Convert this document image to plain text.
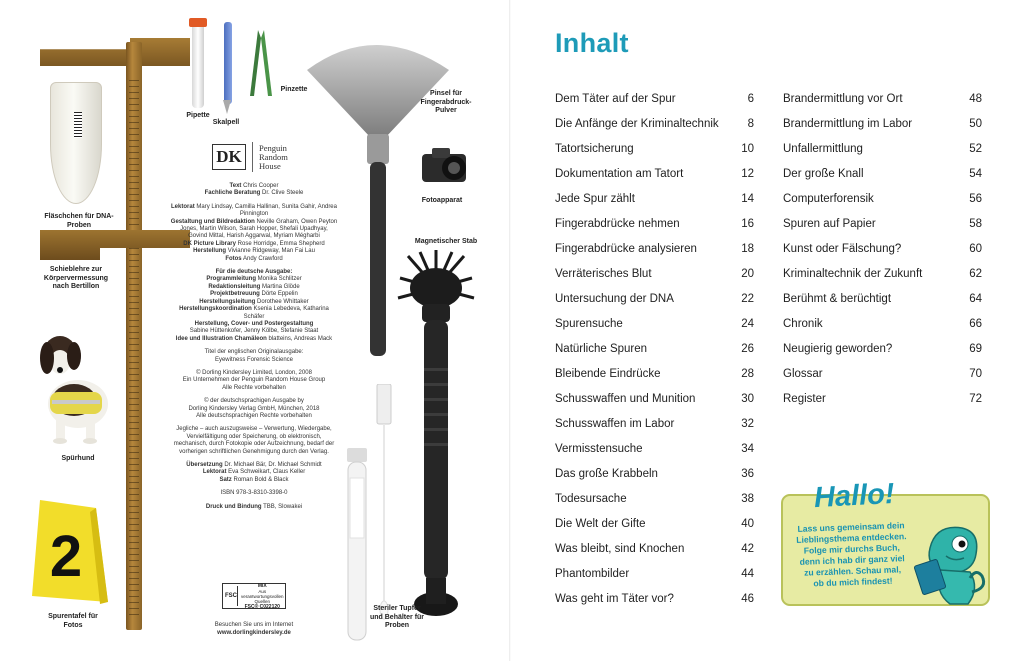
Fläschchen für DNA-Proben
Schieblehre zur Körpervermessung nach Bertillon
Spürhund
2
Spurentafel für Fotos
Pipette
Skalpell
Pinzette
DK	Penguin
Random
House

Text Chris Cooper

Fachliche Beratung Dr. Clive Steele

Lektorat Mary Lindsay, Camilla Hallinan, Sunita Gahir, Andrea Pinnington

Gestaltung und Bildredaktion Neville Graham, Owen Peyton Jones, Martin Wilson, Sarah Hopper, Shefali Upadhyay, Govind Mittal, Harish Aggarwal, Myriam Mégharbi

DK Picture Library Rose Horridge, Emma Shepherd

Herstellung Vivianne Ridgeway, Man Fai Lau

Fotos Andy Crawford

Für die deutsche Ausgabe:

Programmleitung Monika Schlitzer

Redaktionsleitung Martina Glöde

Projektbetreuung Dörte Eppelin

Herstellungsleitung Dorothee Whittaker

Herstellungskoordination Ksenia Lebedeva, Katharina Schäfer

Herstellung, Cover- und Postergestaltung

Sabine Hüttenkofer, Jenny Kölbe, Stefanie Staat

Idee und Illustration Chamäleon blatteins, Andreas Mack

Titel der englischen Originalausgabe:

Eyewitness Forensic Science

© Dorling Kindersley Limited, London, 2008

Ein Unternehmen der Penguin Random House Group

Alle Rechte vorbehalten

© der deutschsprachigen Ausgabe by

Dorling Kindersley Verlag GmbH, München, 2018

Alle deutschsprachigen Rechte vorbehalten

Jegliche – auch auszugsweise – Verwertung, Wiedergabe, Vervielfältigung oder Speicherung, ob elektronisch, mechanisch, durch Fotokopie oder Aufzeichnung, bedarf der vorherigen schriftlichen Genehmigung durch den Verlag.

Übersetzung Dr. Michael Bär, Dr. Michael Schmidt

Lektorat Eva Schweikart, Claus Keller

Satz Roman Bold & Black

ISBN 978-3-8310-3398-0

Druck und Bindung TBB, Slowakei

FSC
MIX
Aus verantwortungsvollen Quellen
FSC® C022120
Besuchen Sie uns im Internet
www.dorlingkindersley.de
Pinsel für Fingerabdruck-Pulver
Fotoapparat
Magnetischer Stab
Steriler Tupfer und Behälter für Proben
Inhalt
Dem Täter auf der Spur	6
Die Anfänge der Kriminaltechnik	8
Tatortsicherung	10
Dokumentation am Tatort	12
Jede Spur zählt	14
Fingerabdrücke nehmen	16
Fingerabdrücke analysieren	18
Verräterisches Blut	20
Untersuchung der DNA	22
Spurensuche	24
Natürliche Spuren	26
Bleibende Eindrücke	28
Schusswaffen und Munition	30
Schusswaffen im Labor	32
Vermisstensuche	34
Das große Krabbeln	36
Todesursache	38
Die Welt der Gifte	40
Was bleibt, sind Knochen	42
Phantombilder	44
Was geht im Täter vor?	46
Brandermittlung vor Ort	48
Brandermittlung im Labor	50
Unfallermittlung	52
Der große Knall	54
Computerforensik	56
Spuren auf Papier	58
Kunst oder Fälschung?	60
Kriminaltechnik der Zukunft	62
Berühmt & berüchtigt	64
Chronik	66
Neugierig geworden?	69
Glossar	70
Register	72
Hallo!
Lass uns gemeinsam dein
Lieblingsthema entdecken.
Folge mir durchs Buch,
denn ich hab dir ganz viel
zu erzählen. Schau mal,
ob du mich findest!
